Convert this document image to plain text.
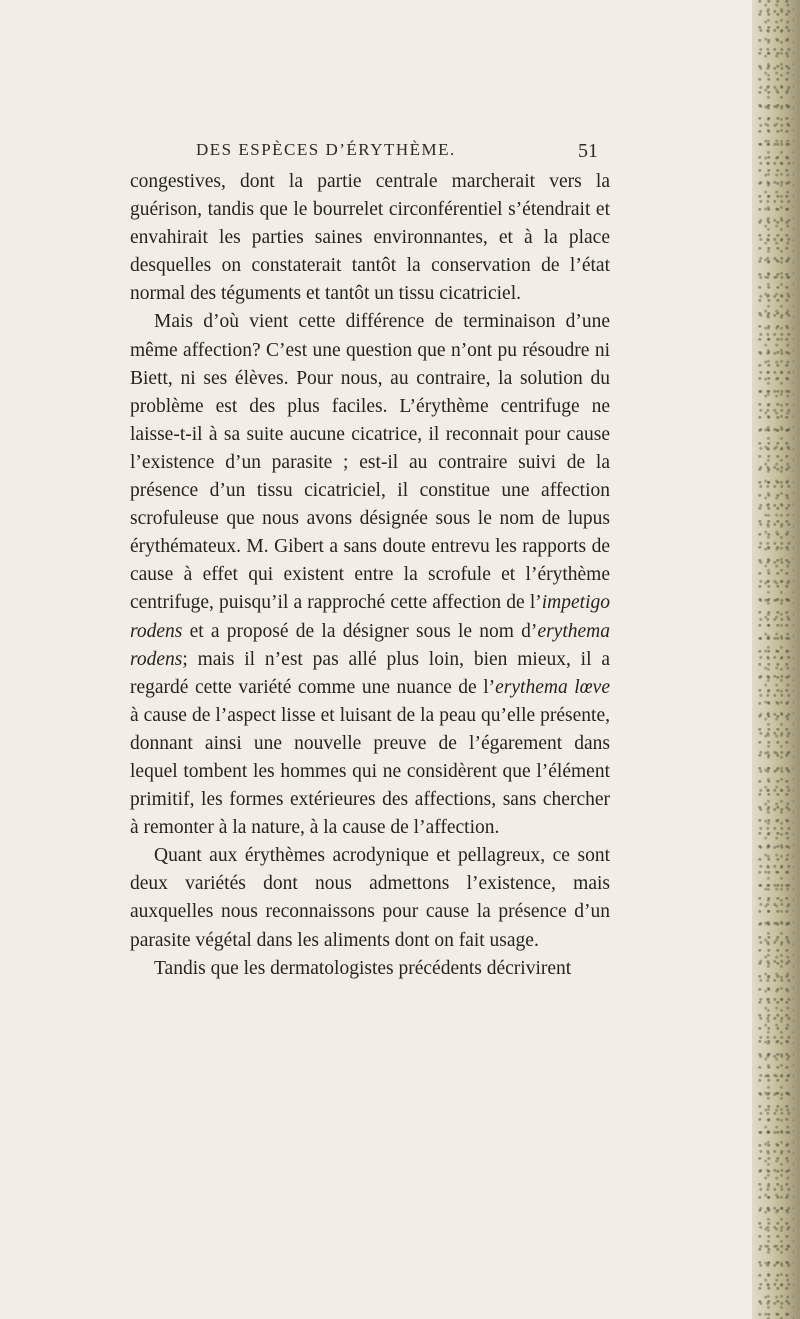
DES ESPÈCES D’ÉRYTHÈME.	51

congestives, dont la partie centrale marcherait vers la guérison, tandis que le bourrelet circonférentiel s’étendrait et envahirait les parties saines environnantes, et à la place desquelles on constaterait tantôt la conservation de l’état normal des téguments et tantôt un tissu cicatriciel.

Mais d’où vient cette différence de terminaison d’une même affection? C’est une question que n’ont pu résoudre ni Biett, ni ses élèves. Pour nous, au contraire, la solution du problème est des plus faciles. L’érythème centrifuge ne laisse-t-il à sa suite aucune cicatrice, il reconnait pour cause l’existence d’un parasite ; est-il au contraire suivi de la présence d’un tissu cicatriciel, il constitue une affection scrofuleuse que nous avons désignée sous le nom de lupus érythémateux. M. Gibert a sans doute entrevu les rapports de cause à effet qui existent entre la scrofule et l’érythème centrifuge, puisqu’il a rapproché cette affection de l’impetigo rodens et a proposé de la désigner sous le nom d’erythema rodens; mais il n’est pas allé plus loin, bien mieux, il a regardé cette variété comme une nuance de l’erythema lœve à cause de l’aspect lisse et luisant de la peau qu’elle présente, donnant ainsi une nouvelle preuve de l’égarement dans lequel tombent les hommes qui ne considèrent que l’élément primitif, les formes extérieures des affections, sans chercher à remonter à la nature, à la cause de l’affection.

Quant aux érythèmes acrodynique et pellagreux, ce sont deux variétés dont nous admettons l’existence, mais auxquelles nous reconnaissons pour cause la présence d’un parasite végétal dans les aliments dont on fait usage.

Tandis que les dermatologistes précédents décrivirent
